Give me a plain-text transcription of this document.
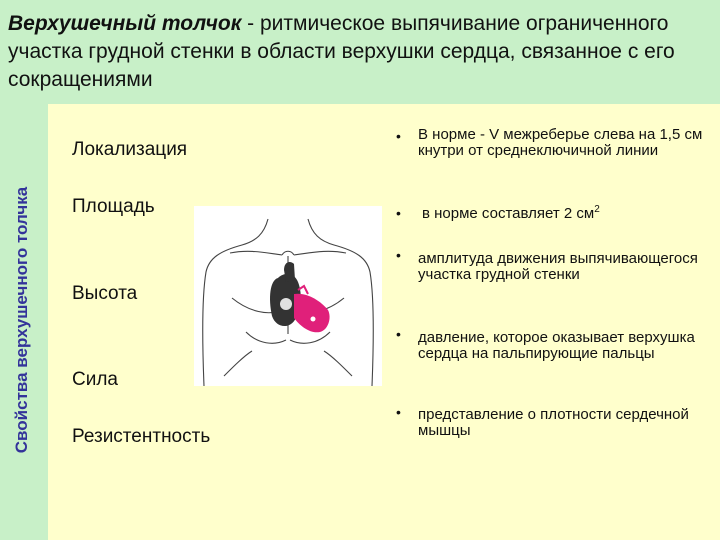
Верхушечный толчок - ритмическое выпячивание ограниченного участка грудной стенки в области верхушки сердца, связанное с его сокращениями
Свойства верхушечного толчка
Локализация
Площадь
Высота
Сила
Резистентность
• В норме - V межреберье слева на 1,5 см кнутри от среднеключичной линии
• в норме составляет 2 $см^2$
• амплитуда движения выпячивающегося участка грудной стенки
• давление, которое оказывает верхушка сердца на пальпирующие пальцы
• представление о плотности сердечной мышцы
